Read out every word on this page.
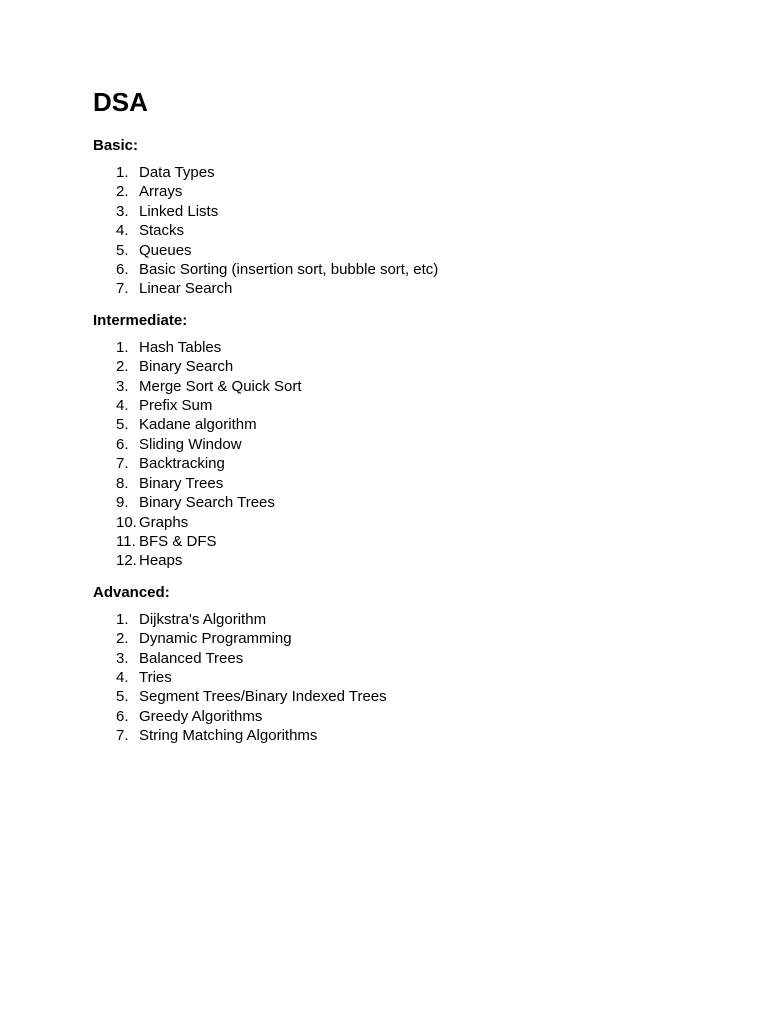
DSA
Basic:
1. Data Types
2. Arrays
3. Linked Lists
4. Stacks
5. Queues
6. Basic Sorting (insertion sort, bubble sort, etc)
7. Linear Search
Intermediate:
1. Hash Tables
2. Binary Search
3. Merge Sort & Quick Sort
4. Prefix Sum
5. Kadane algorithm
6. Sliding Window
7. Backtracking
8. Binary Trees
9. Binary Search Trees
10. Graphs
11. BFS & DFS
12. Heaps
Advanced:
1. Dijkstra's Algorithm
2. Dynamic Programming
3. Balanced Trees
4. Tries
5. Segment Trees/Binary Indexed Trees
6. Greedy Algorithms
7. String Matching Algorithms
